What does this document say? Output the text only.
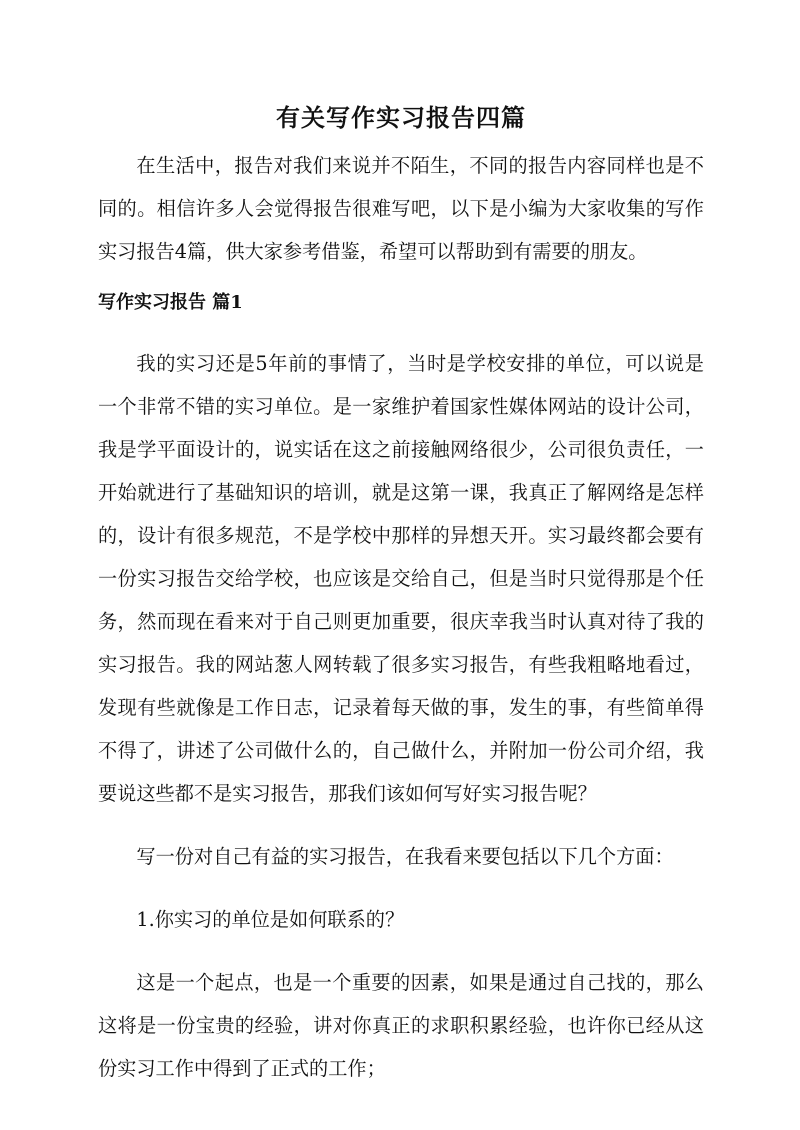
有关写作实习报告四篇

在生活中，报告对我们来说并不陌生，不同的报告内容同样也是不同的。相信许多人会觉得报告很难写吧，以下是小编为大家收集的写作实习报告4篇，供大家参考借鉴，希望可以帮助到有需要的朋友。

写作实习报告 篇1

我的实习还是5年前的事情了，当时是学校安排的单位，可以说是一个非常不错的实习单位。是一家维护着国家性媒体网站的设计公司，我是学平面设计的，说实话在这之前接触网络很少，公司很负责任，一开始就进行了基础知识的培训，就是这第一课，我真正了解网络是怎样的，设计有很多规范，不是学校中那样的异想天开。实习最终都会要有一份实习报告交给学校，也应该是交给自己，但是当时只觉得那是个任务，然而现在看来对于自己则更加重要，很庆幸我当时认真对待了我的实习报告。我的网站葱人网转载了很多实习报告，有些我粗略地看过，发现有些就像是工作日志，记录着每天做的事，发生的事，有些简单得不得了，讲述了公司做什么的，自己做什么，并附加一份公司介绍，我要说这些都不是实习报告，那我们该如何写好实习报告呢？

写一份对自己有益的实习报告，在我看来要包括以下几个方面：

1.你实习的单位是如何联系的？

这是一个起点，也是一个重要的因素，如果是通过自己找的，那么这将是一份宝贵的经验，讲对你真正的求职积累经验，也许你已经从这份实习工作中得到了正式的工作；
